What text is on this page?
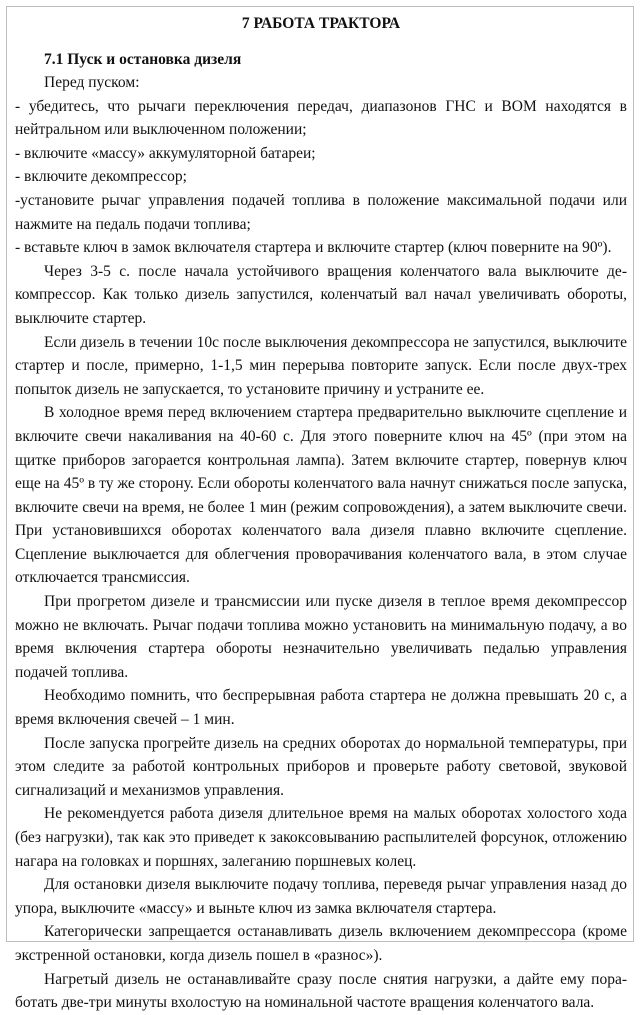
7 РАБОТА ТРАКТОРА
7.1 Пуск и остановка дизеля

Перед пуском:

- убедитесь, что рычаги переключения передач, диапазонов ГНС и ВОМ находятся в нейтральном или выключенном положении;

- включите «массу» аккумуляторной батареи;

- включите декомпрессор;

-установите рычаг управления подачей топлива в положение максимальной подачи или нажмите на педаль подачи топлива;

- вставьте ключ в замок включателя стартера и включите стартер (ключ поверните на 90º).

Через 3-5 с. после начала устойчивого вращения коленчатого вала выключите декомпрессор. Как только дизель запустился, коленчатый вал начал увеличивать обороты, выключите стартер.

Если дизель в течении 10с после выключения декомпрессора не запустился, выключите стартер и после, примерно, 1-1,5 мин перерыва повторите запуск. Если после двух-трех попыток дизель не запускается, то установите причину и устраните ее.

В холодное время перед включением стартера предварительно выключите сцепление и включите свечи накаливания на 40-60 с. Для этого поверните ключ на 45º (при этом на щитке приборов загорается контрольная лампа). Затем включите стартер, повернув ключ еще на 45º в ту же сторону. Если обороты коленчатого вала начнут снижаться после запуска, включите свечи на время, не более 1 мин (режим сопровождения), а затем выключите свечи. При установившихся оборотах коленчатого вала дизеля плавно включите сцепление. Сцепление выключается для облегчения проворачивания коленчатого вала, в этом случае отключается трансмиссия.

При прогретом дизеле и трансмиссии или пуске дизеля в теплое время декомпрессор можно не включать. Рычаг подачи топлива можно установить на минимальную подачу, а во время включения стартера обороты незначительно увеличивать педалью управления подачей топлива.

Необходимо помнить, что беспрерывная работа стартера не должна превышать 20 с, а время включения свечей – 1 мин.

После запуска прогрейте дизель на средних оборотах до нормальной температуры, при этом следите за работой контрольных приборов и проверьте работу световой, звуковой сигнализаций и механизмов управления.

Не рекомендуется работа дизеля длительное время на малых оборотах холостого хода (без нагрузки), так как это приведет к закоксовыванию распылителей форсунок, отложению нагара на головках и поршнях, залеганию поршневых колец.

Для остановки дизеля выключите подачу топлива, переведя рычаг управления назад до упора, выключите «массу» и выньте ключ из замка включателя стартера.

Категорически запрещается останавливать дизель включением декомпрессора (кроме экстренной остановки, когда дизель пошел в «разнос»).

Нагретый дизель не останавливайте сразу после снятия нагрузки, а дайте ему поработать две-три минуты вхолостую на номинальной частоте вращения коленчатого вала.
